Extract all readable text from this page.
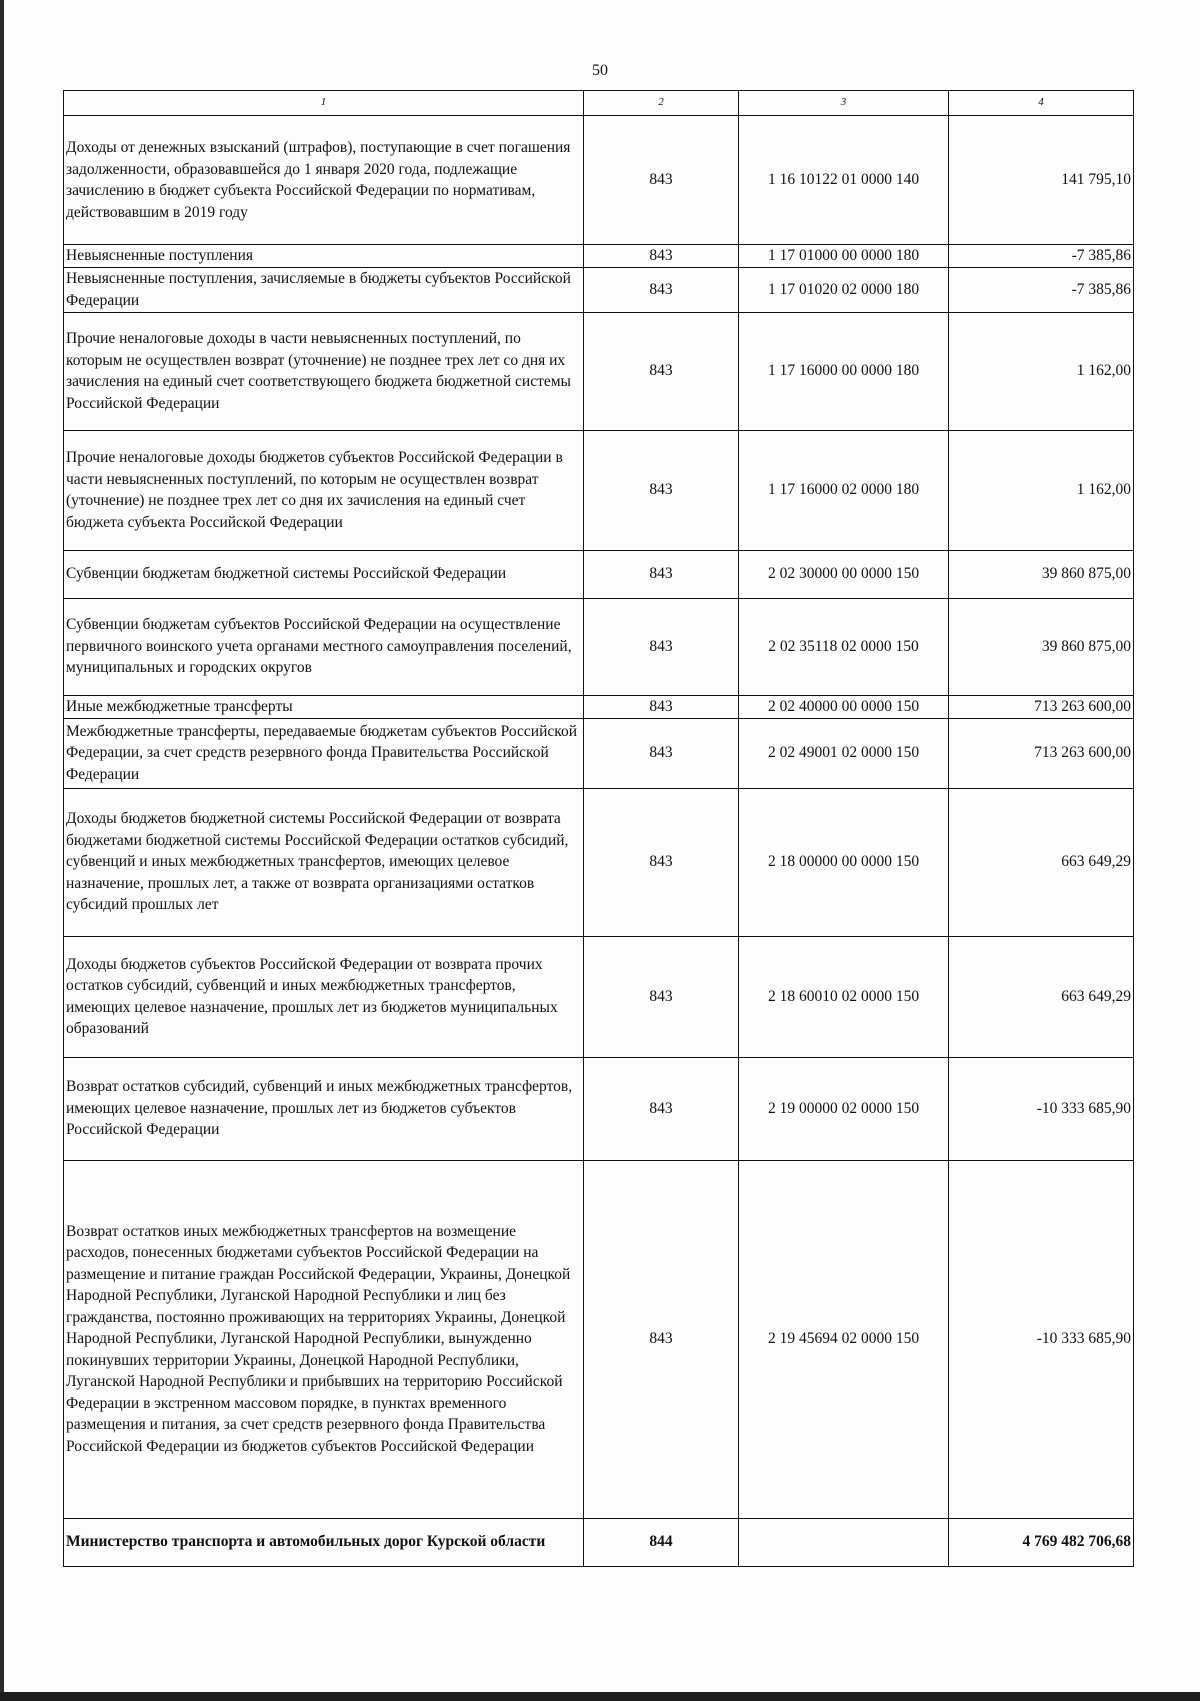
50
1	2	3	4
Доходы от денежных взысканий (штрафов), поступающие в счет погашения задолженности, образовавшейся до 1 января 2020 года, подлежащие зачислению в бюджет субъекта Российской Федерации по нормативам, действовавшим в 2019 году	843	1 16 10122 01 0000 140	141 795,10
Невыясненные поступления	843	1 17 01000 00 0000 180	-7 385,86
Невыясненные поступления, зачисляемые в бюджеты субъектов Российской Федерации	843	1 17 01020 02 0000 180	-7 385,86
Прочие неналоговые доходы в части невыясненных поступлений, по которым не осуществлен возврат (уточнение) не позднее трех лет со дня их зачисления на единый счет соответствующего бюджета бюджетной системы Российской Федерации	843	1 17 16000 00 0000 180	1 162,00
Прочие неналоговые доходы бюджетов субъектов Российской Федерации в части невыясненных поступлений, по которым не осуществлен возврат (уточнение) не позднее трех лет со дня их зачисления на единый счет бюджета субъекта Российской Федерации	843	1 17 16000 02 0000 180	1 162,00
Субвенции бюджетам бюджетной системы Российской Федерации	843	2 02 30000 00 0000 150	39 860 875,00
Субвенции бюджетам субъектов Российской Федерации на осуществление первичного воинского учета органами местного самоуправления поселений, муниципальных и городских округов	843	2 02 35118 02 0000 150	39 860 875,00
Иные межбюджетные трансферты	843	2 02 40000 00 0000 150	713 263 600,00
Межбюджетные трансферты, передаваемые бюджетам субъектов Российской Федерации, за счет средств резервного фонда Правительства Российской Федерации	843	2 02 49001 02 0000 150	713 263 600,00
Доходы бюджетов бюджетной системы Российской Федерации от возврата бюджетами бюджетной системы Российской Федерации остатков субсидий, субвенций и иных межбюджетных трансфертов, имеющих целевое назначение, прошлых лет, а также от возврата организациями остатков субсидий прошлых лет	843	2 18 00000 00 0000 150	663 649,29
Доходы бюджетов субъектов Российской Федерации от возврата прочих остатков субсидий, субвенций и иных межбюджетных трансфертов, имеющих целевое назначение, прошлых лет из бюджетов муниципальных образований	843	2 18 60010 02 0000 150	663 649,29
Возврат остатков субсидий, субвенций и иных межбюджетных трансфертов, имеющих целевое назначение, прошлых лет из бюджетов субъектов Российской Федерации	843	2 19 00000 02 0000 150	-10 333 685,90
Возврат остатков иных межбюджетных трансфертов на возмещение расходов, понесенных бюджетами субъектов Российской Федерации на размещение и питание граждан Российской Федерации, Украины, Донецкой Народной Республики, Луганской Народной Республики и лиц без гражданства, постоянно проживающих на территориях Украины, Донецкой Народной Республики, Луганской Народной Республики, вынужденно покинувших территории Украины, Донецкой Народной Республики, Луганской Народной Республики и прибывших на территорию Российской Федерации в экстренном массовом порядке, в пунктах временного размещения и питания, за счет средств резервного фонда Правительства Российской Федерации из бюджетов субъектов Российской Федерации	843	2 19 45694 02 0000 150	-10 333 685,90
Министерство транспорта и автомобильных дорог Курской области	844		4 769 482 706,68
